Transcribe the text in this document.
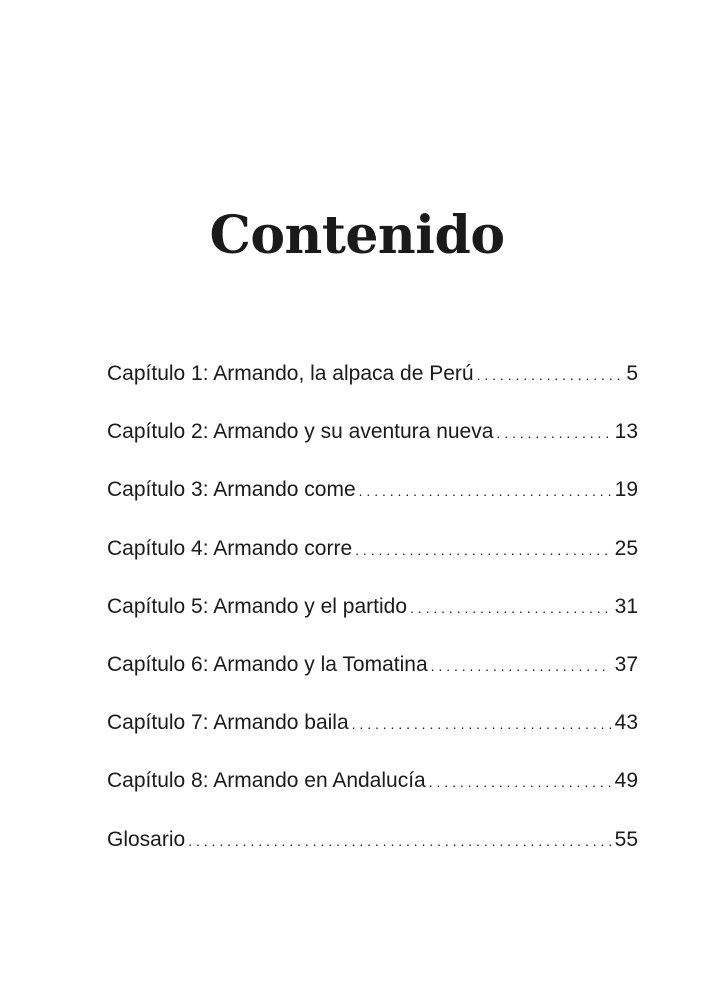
Contenido
Capítulo 1: Armando, la alpaca de Perú . . .	5
Capítulo 2: Armando y su aventura nueva . . .	13
Capítulo 3: Armando come . . .	19
Capítulo 4: Armando corre . . .	25
Capítulo 5: Armando y el partido . . .	31
Capítulo 6: Armando y la Tomatina . . .	37
Capítulo 7: Armando baila . . .	43
Capítulo 8: Armando en Andalucía . . .	49
Glosario . . .	55
